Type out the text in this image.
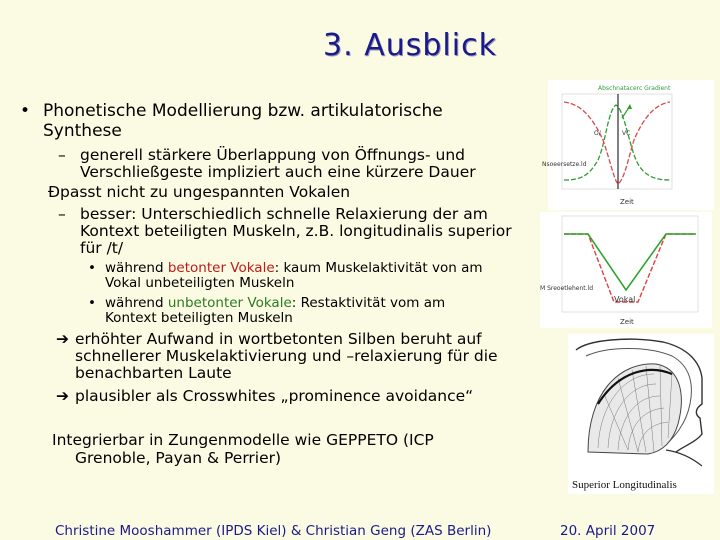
3. Ausblick
• Phonetische Modellierung bzw. artikulatorische
Synthese
– generell stärkere Überlappung von Öffnungs- und
Verschließgeste impliziert auch eine kürzere Dauer
Ð passt nicht zu ungespannten Vokalen
– besser: Unterschiedlich schnelle Relaxierung der am
Kontext beteiligten Muskeln, z.B. longitudinalis superior
für /t/
• während betonter Vokale: kaum Muskelaktivität von am
Vokal unbeteiligten Muskeln
• während unbetonter Vokale: Restaktivität vom am
Kontext beteiligten Muskeln
➔ erhöhter Aufwand in wortbetonten Silben beruht auf
schnellerer Muskelaktivierung und –relaxierung für die
benachbarten Laute
➔ plausibler als Crosswhites „prominence avoidance“
Integrierbar in Zungenmodelle wie GEPPETO (ICP
Grenoble, Payan & Perrier)
Abschnatacerc Gradient
O/	VC
Nsoeersetze.ld
Zeit
M Sreoetlehent.ld
Vokal
Zeit
Superior Longitudinalis
Christine Mooshammer (IPDS Kiel) & Christian Geng (ZAS Berlin)	20. April 2007
